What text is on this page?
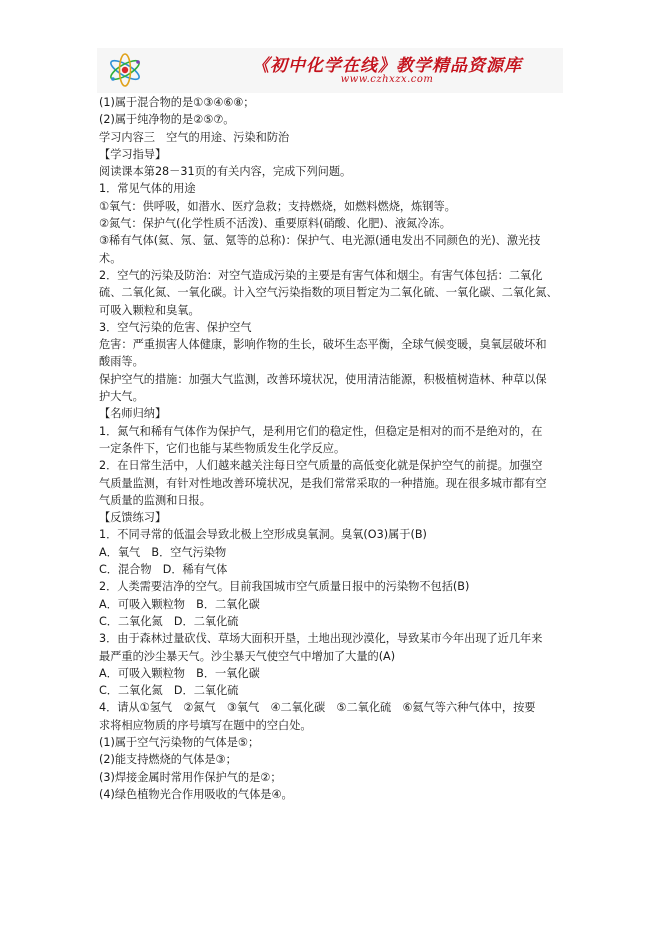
《初中化学在线》教学精品资源库
www.czhxzx.com

(1)属于混合物的是①③④⑥⑧；

(2)属于纯净物的是②⑤⑦。

学习内容三　空气的用途、污染和防治

【学习指导】

阅读课本第28－31页的有关内容，完成下列问题。

1．常见气体的用途

①氧气：供呼吸，如潜水、医疗急救；支持燃烧，如燃料燃烧，炼钢等。

②氮气：保护气(化学性质不活泼)、重要原料(硝酸、化肥)、液氮冷冻。

③稀有气体(氦、氖、氩、氪等的总称)：保护气、电光源(通电发出不同颜色的光)、激光技

术。

2．空气的污染及防治：对空气造成污染的主要是有害气体和烟尘。有害气体包括：二氧化

硫、二氧化氮、一氧化碳。计入空气污染指数的项目暂定为二氧化硫、一氧化碳、二氧化氮、

可吸入颗粒和臭氧。

3．空气污染的危害、保护空气

危害：严重损害人体健康，影响作物的生长，破坏生态平衡，全球气候变暖，臭氧层破坏和

酸雨等。

保护空气的措施：加强大气监测，改善环境状况，使用清洁能源，积极植树造林、种草以保

护大气。

【名师归纳】

1．氮气和稀有气体作为保护气，是利用它们的稳定性，但稳定是相对的而不是绝对的，在

一定条件下，它们也能与某些物质发生化学反应。

2．在日常生活中，人们越来越关注每日空气质量的高低变化就是保护空气的前提。加强空

气质量监测，有针对性地改善环境状况，是我们常常采取的一种措施。现在很多城市都有空

气质量的监测和日报。

【反馈练习】

1．不同寻常的低温会导致北极上空形成臭氧洞。臭氧(O3)属于(B)

A．氧气　B．空气污染物

C．混合物　D．稀有气体

2．人类需要洁净的空气。目前我国城市空气质量日报中的污染物不包括(B)

A．可吸入颗粒物　B．二氧化碳

C．二氧化氮　D．二氧化硫

3．由于森林过量砍伐、草场大面积开垦，土地出现沙漠化，导致某市今年出现了近几年来

最严重的沙尘暴天气。沙尘暴天气使空气中增加了大量的(A)

A．可吸入颗粒物　B．一氧化碳

C．二氧化氮　D．二氧化硫

4．请从①氢气　②氮气　③氧气　④二氧化碳　⑤二氧化硫　⑥氦气等六种气体中，按要

求将相应物质的序号填写在题中的空白处。

(1)属于空气污染物的气体是⑤；

(2)能支持燃烧的气体是③；

(3)焊接金属时常用作保护气的是②；

(4)绿色植物光合作用吸收的气体是④。
